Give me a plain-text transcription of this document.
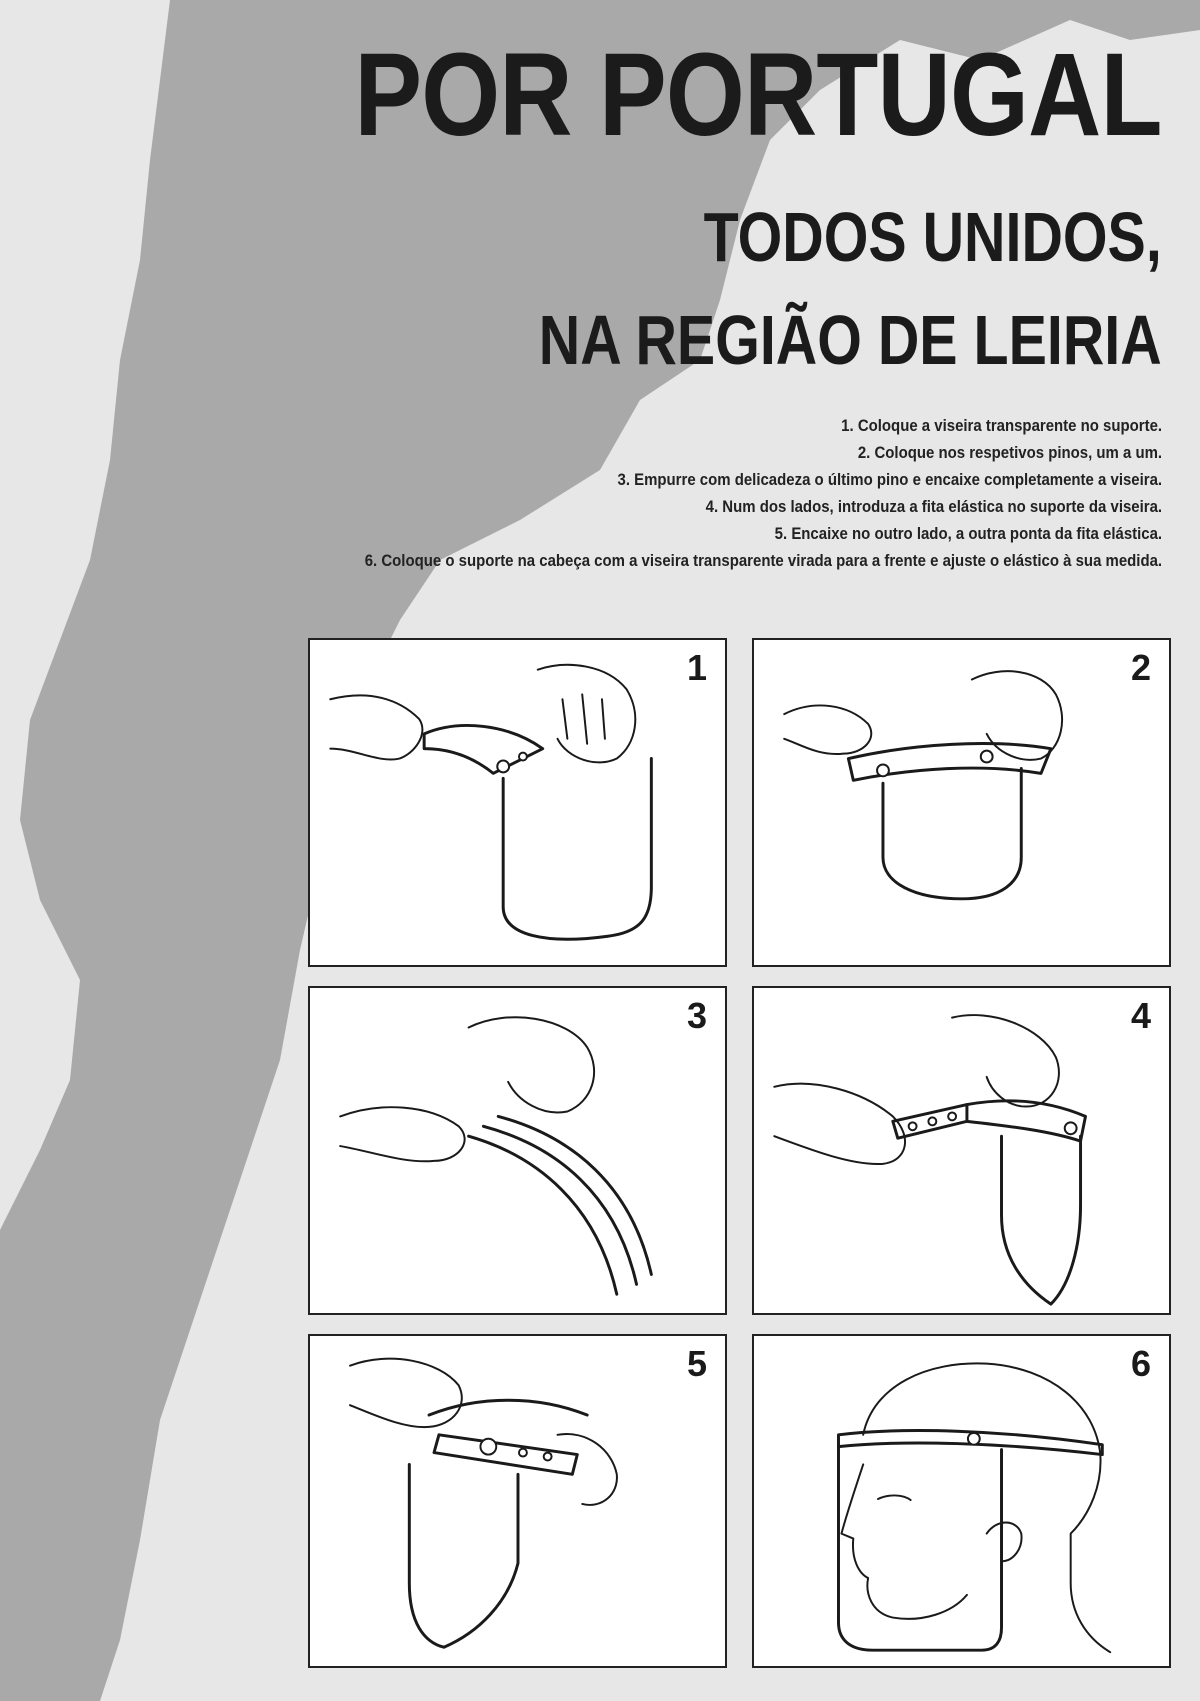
POR PORTUGAL
TODOS UNIDOS,
NA REGIÃO DE LEIRIA
1. Coloque a viseira transparente no suporte.
2. Coloque nos respetivos pinos, um a um.
3. Empurre com delicadeza o último pino e encaixe completamente a viseira.
4. Num dos lados, introduza a fita elástica no suporte da viseira.
5. Encaixe no outro lado, a outra ponta da fita elástica.
6. Coloque o suporte na cabeça com a viseira transparente virada para a frente e ajuste o elástico à sua medida.
1	2
3	4
5	6
